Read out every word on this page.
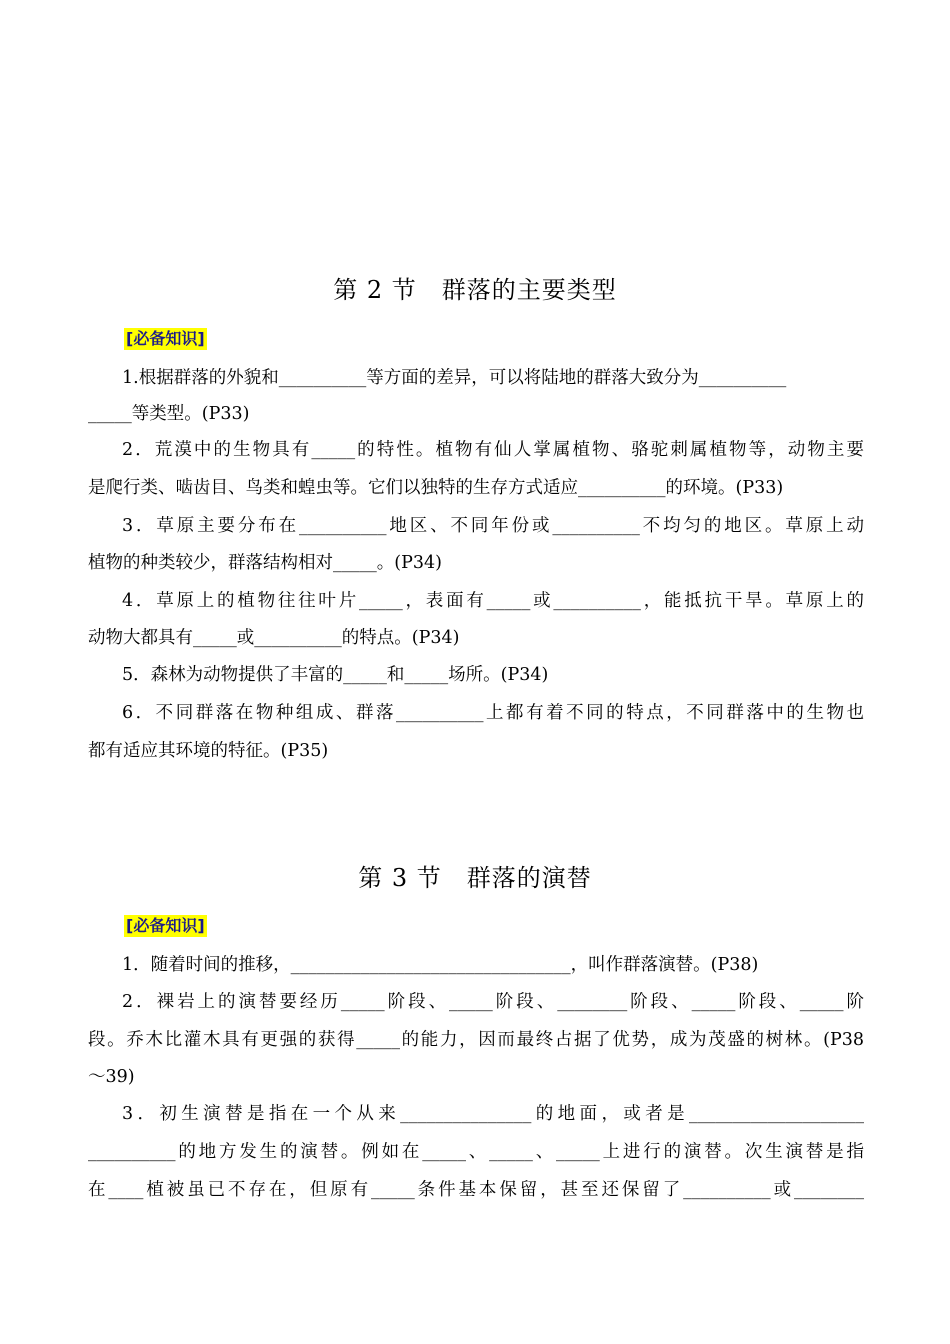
第 2 节　群落的主要类型
[必备知识]
1.根据群落的外貌和__________等方面的差异，可以将陆地的群落大致分为__________
_____等类型。(P33)
2．荒漠中的生物具有_____的特性。植物有仙人掌属植物、骆驼刺属植物等，动物主要
是爬行类、啮齿目、鸟类和蝗虫等。它们以独特的生存方式适应__________的环境。(P33)
3．草原主要分布在__________地区、不同年份或__________不均匀的地区。草原上动
植物的种类较少，群落结构相对_____。(P34)
4．草原上的植物往往叶片_____，表面有_____或__________，能抵抗干旱。草原上的
动物大都具有_____或__________的特点。(P34)
5．森林为动物提供了丰富的_____和_____场所。(P34)
6．不同群落在物种组成、群落__________上都有着不同的特点，不同群落中的生物也
都有适应其环境的特征。(P35)
第 3 节　群落的演替
[必备知识]
1．随着时间的推移，________________________________，叫作群落演替。(P38)
2．裸岩上的演替要经历_____阶段、_____阶段、________阶段、_____阶段、_____阶
段。乔木比灌木具有更强的获得_____的能力，因而最终占据了优势，成为茂盛的树林。(P38
～39)
3．初生演替是指在一个从来_______________的地面，或者是____________________
__________的地方发生的演替。例如在_____、_____、_____上进行的演替。次生演替是指
在____植被虽已不存在，但原有_____条件基本保留，甚至还保留了__________或________
